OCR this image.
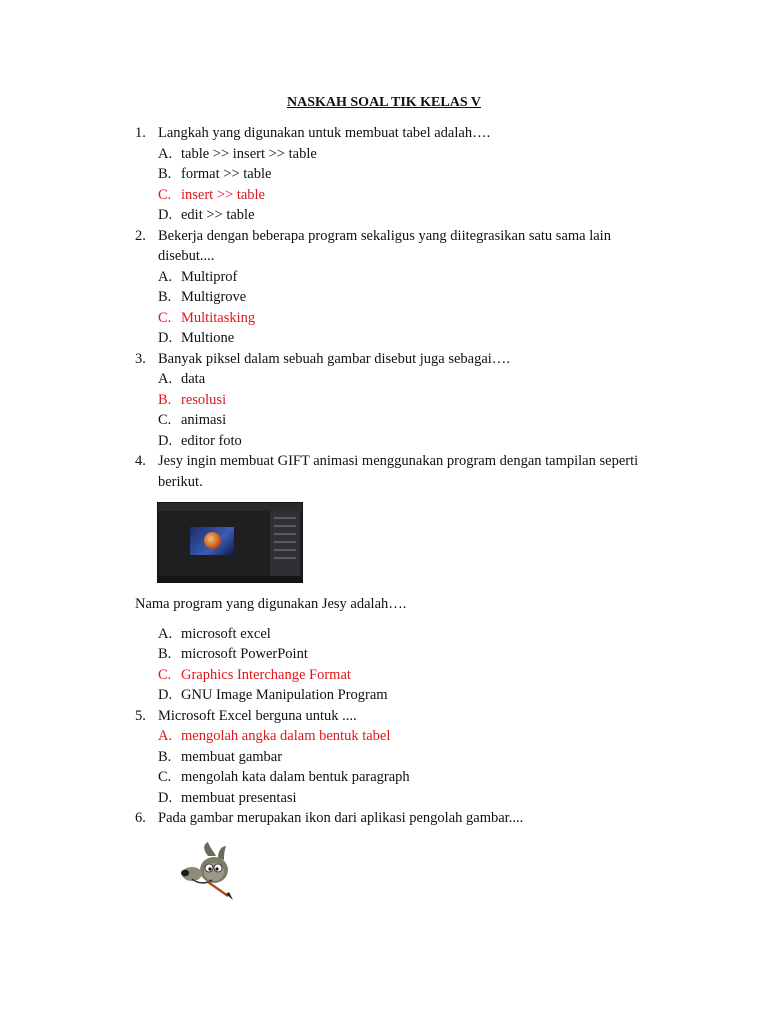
NASKAH SOAL TIK KELAS V
1. Langkah yang digunakan untuk membuat tabel adalah….
A. table >> insert >> table
B. format >> table
C. insert >> table
D. edit >> table
2. Bekerja dengan beberapa program sekaligus yang diitegrasikan satu sama lain
disebut....
A. Multiprof
B. Multigrove
C. Multitasking
D. Multione
3. Banyak piksel dalam sebuah gambar disebut juga sebagai….
A. data
B. resolusi
C. animasi
D. editor foto
4. Jesy ingin membuat GIFT animasi menggunakan program dengan tampilan seperti
berikut.
Nama program yang digunakan Jesy adalah….
A. microsoft excel
B. microsoft PowerPoint
C. Graphics Interchange Format
D. GNU Image Manipulation Program
5. Microsoft Excel berguna untuk ....
A. mengolah angka dalam bentuk tabel
B. membuat gambar
C. mengolah kata dalam bentuk paragraph
D. membuat presentasi
6. Pada gambar merupakan ikon dari aplikasi pengolah gambar....
